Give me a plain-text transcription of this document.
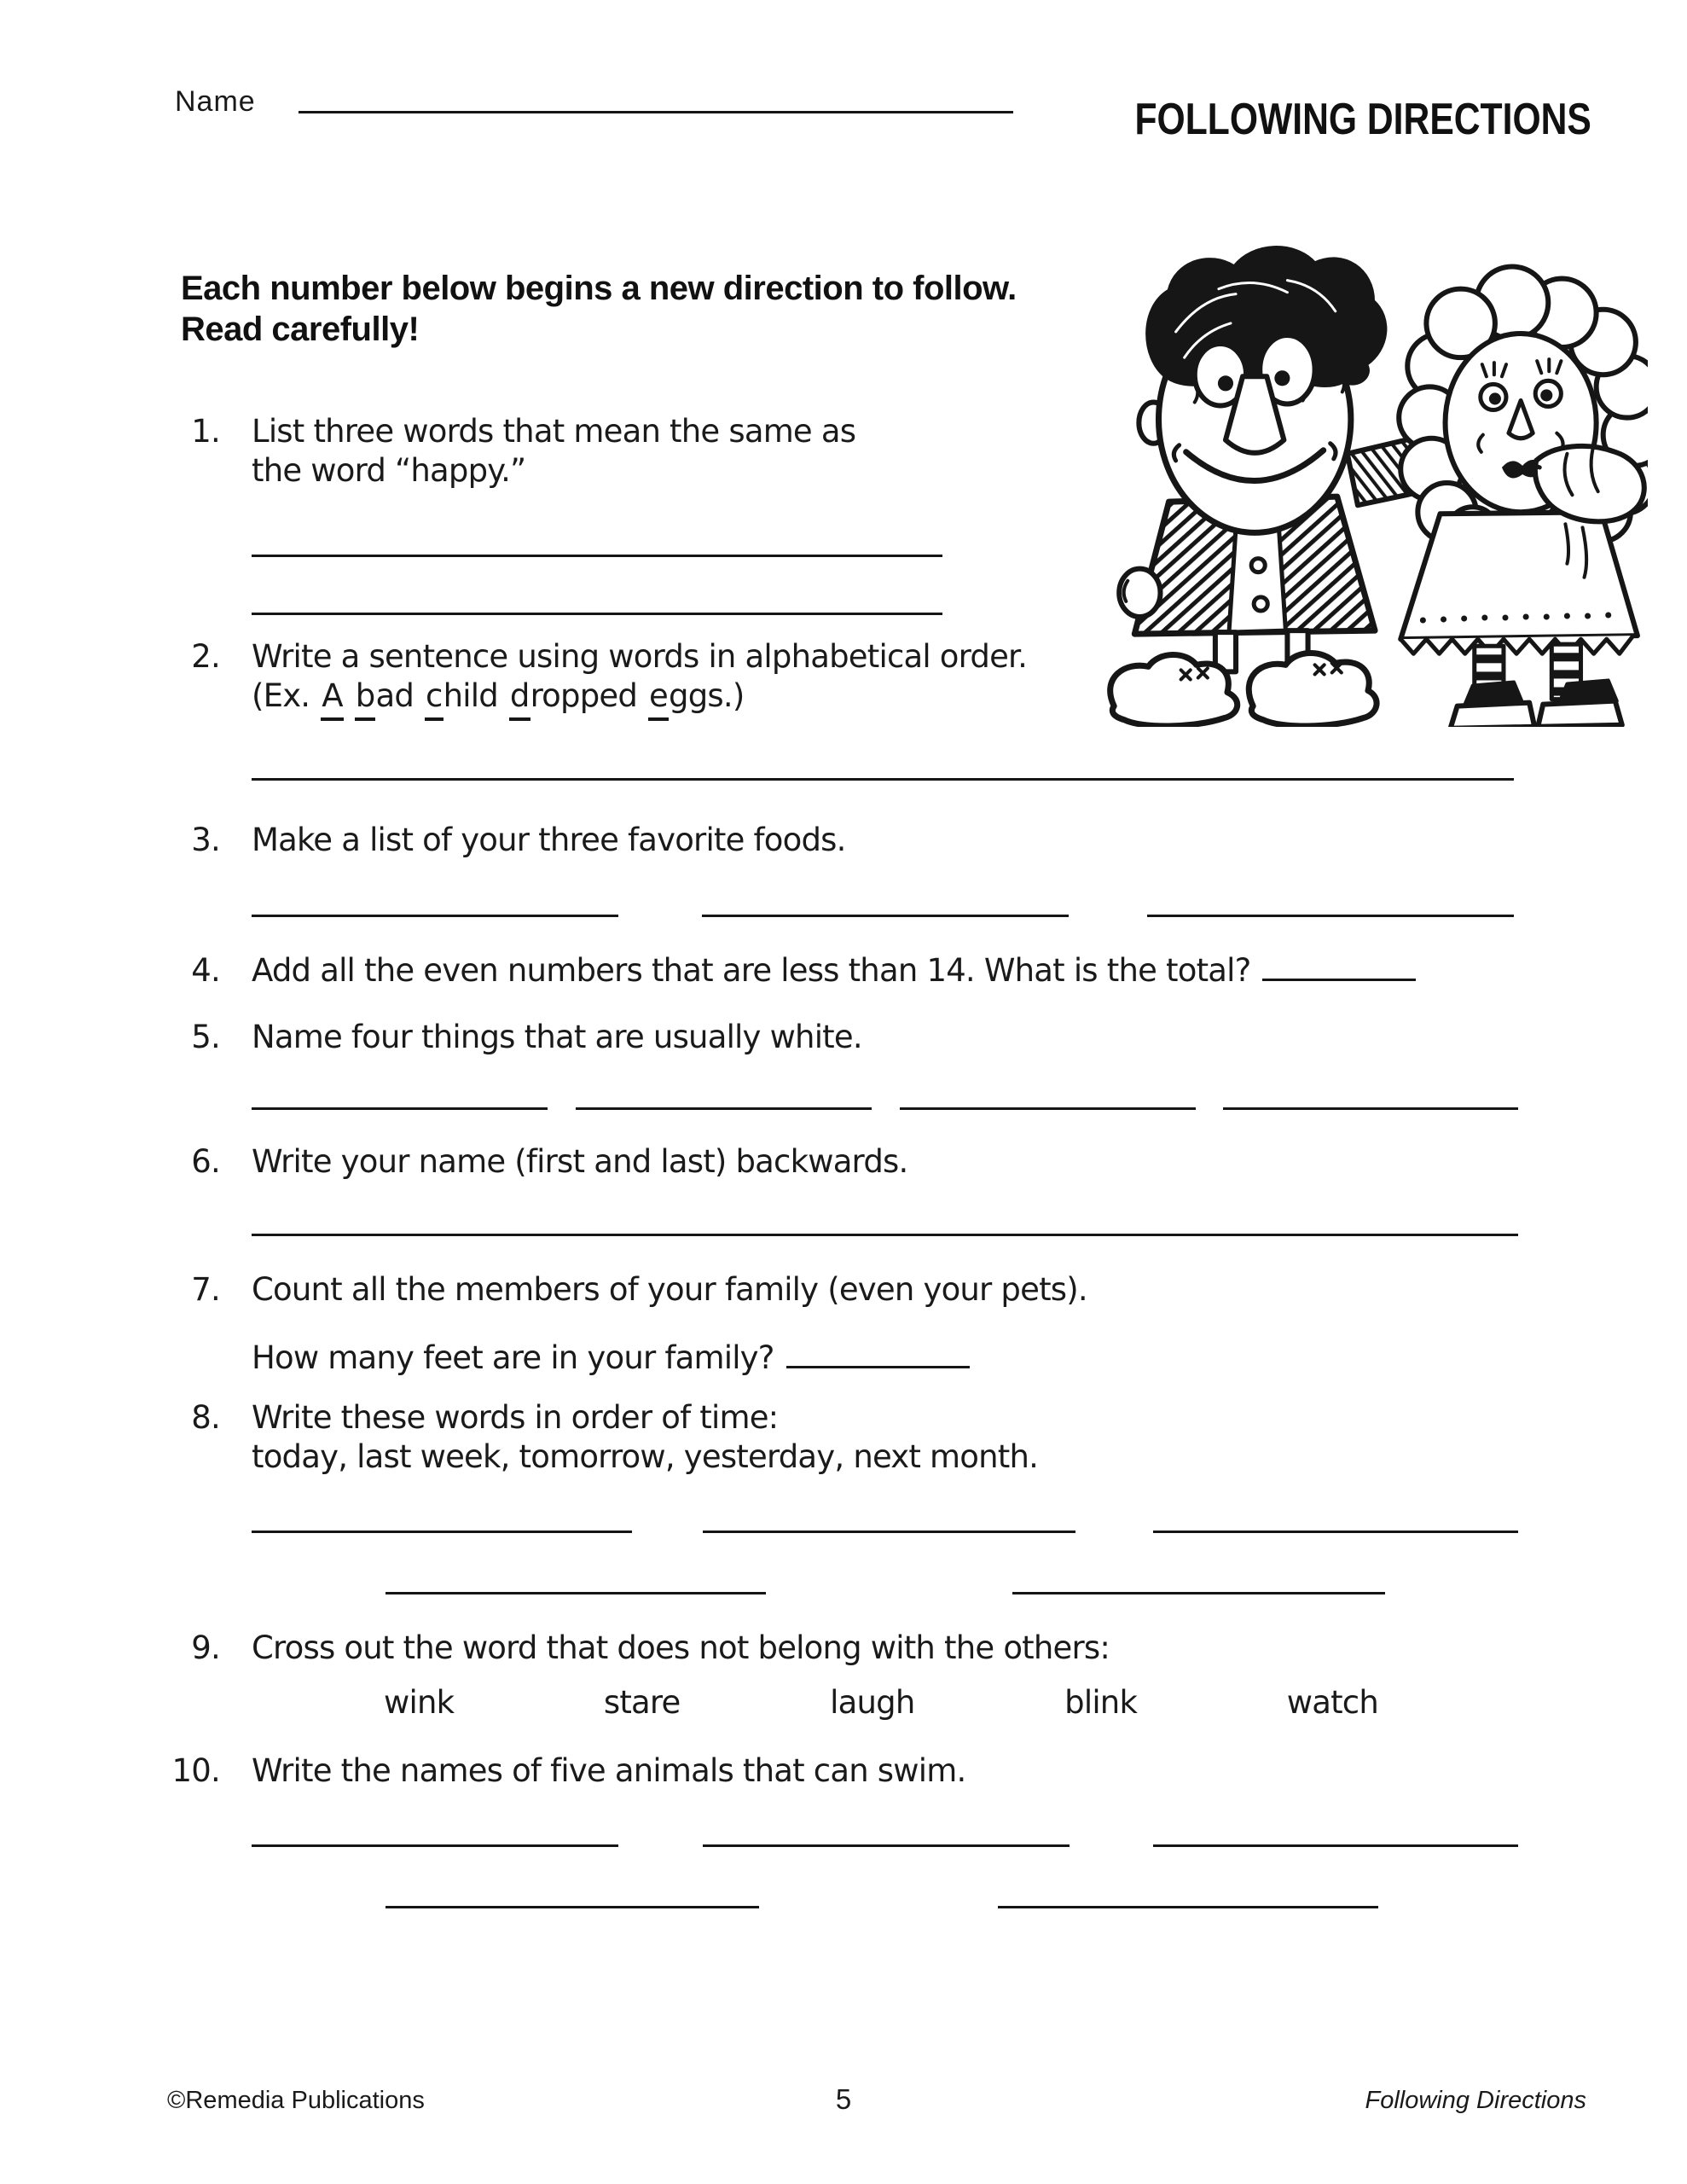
Name	FOLLOWING DIRECTIONS
Each number below begins a new direction to follow.
Read carefully!
1. List three words that mean the same as
the word “happy.”
2. Write a sentence using words in alphabetical order.
(Ex. A bad child dropped eggs.)
3. Make a list of your three favorite foods.
4. Add all the even numbers that are less than 14. What is the total?
5. Name four things that are usually white.
6. Write your name (first and last) backwards.
7. Count all the members of your family (even your pets).
How many feet are in your family?
8. Write these words in order of time:
today, last week, tomorrow, yesterday, next month.
9. Cross out the word that does not belong with the others:
wink	stare	laugh	blink	watch
10. Write the names of five animals that can swim.
©Remedia Publications	5	Following Directions
